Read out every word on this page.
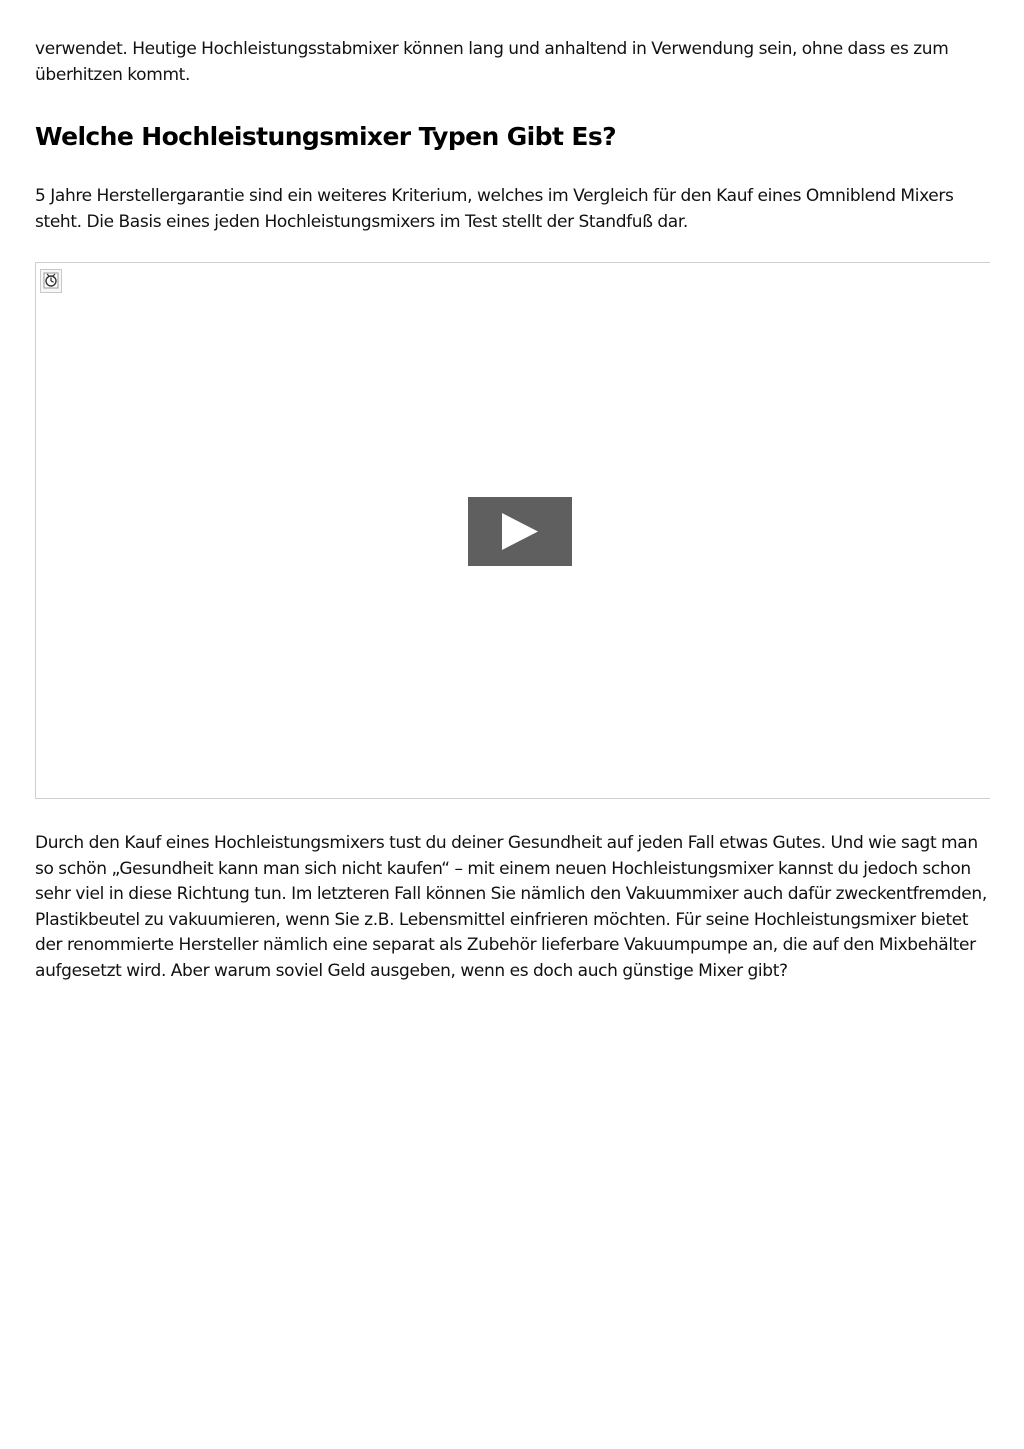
verwendet. Heutige Hochleistungsstabmixer können lang und anhaltend in Verwendung sein, ohne dass es zum überhitzen kommt.

Welche Hochleistungsmixer Typen Gibt Es?

5 Jahre Herstellergarantie sind ein weiteres Kriterium, welches im Vergleich für den Kauf eines Omniblend Mixers steht. Die Basis eines jeden Hochleistungsmixers im Test stellt der Standfuß dar.

Durch den Kauf eines Hochleistungsmixers tust du deiner Gesundheit auf jeden Fall etwas Gutes. Und wie sagt man so schön „Gesundheit kann man sich nicht kaufen“ – mit einem neuen Hochleistungsmixer kannst du jedoch schon sehr viel in diese Richtung tun. Im letzteren Fall können Sie nämlich den Vakuummixer auch dafür zweckentfremden, Plastikbeutel zu vakuumieren, wenn Sie z.B. Lebensmittel einfrieren möchten. Für seine Hochleistungsmixer bietet der renommierte Hersteller nämlich eine separat als Zubehör lieferbare Vakuumpumpe an, die auf den Mixbehälter aufgesetzt wird. Aber warum soviel Geld ausgeben, wenn es doch auch günstige Mixer gibt?
